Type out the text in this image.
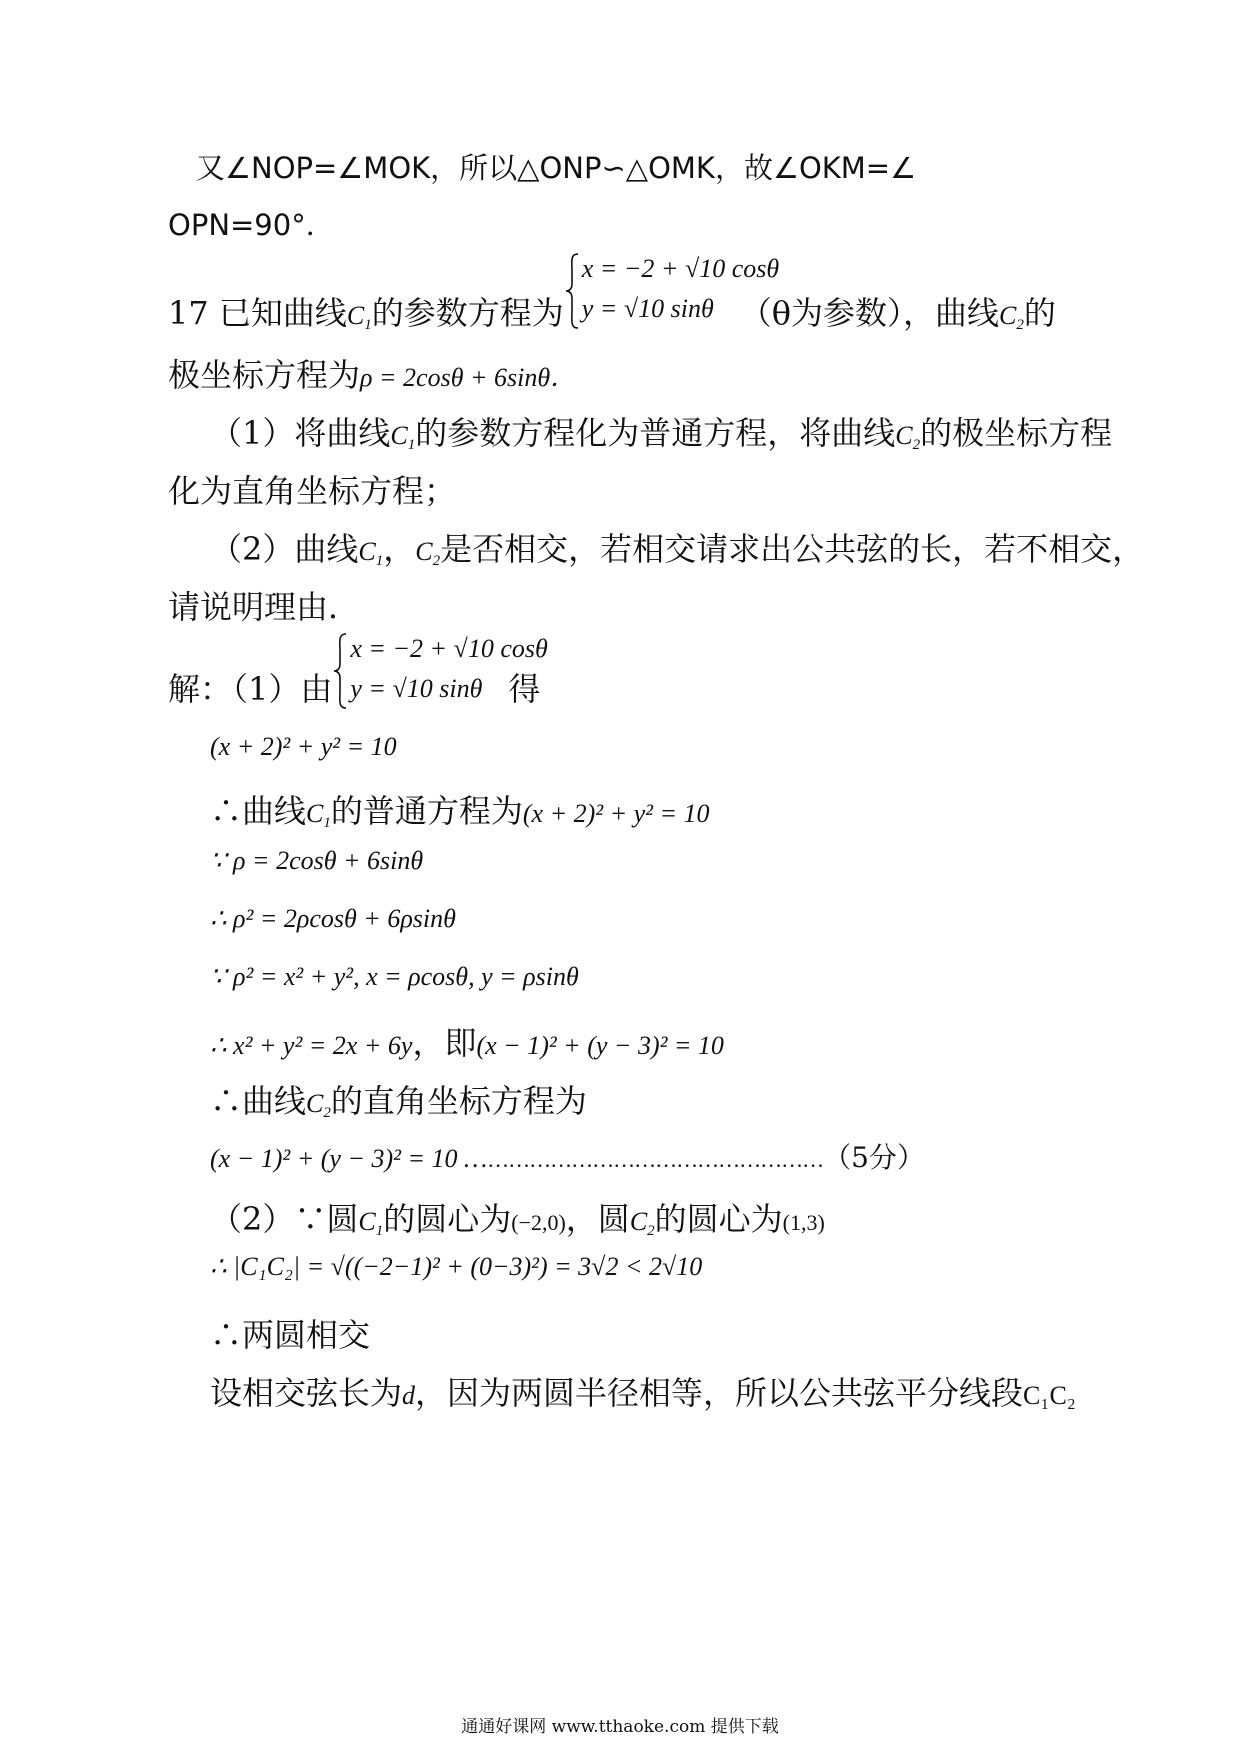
又∠NOP=∠MOK，所以△ONP∽△OMK，故∠OKM=∠
OPN=90°．
17 已知曲线$_{C_1}$的参数方程为
x = −2 + √10 cosθ
y = √10 sinθ （θ为参数），曲线$_{C_2}$的
极坐标方程为ρ = 2cosθ + 6sinθ．
（1）将曲线$C_1$的参数方程化为普通方程，将曲线$C_2$的极坐标方程
化为直角坐标方程；
（2）曲线$C_1$，$C_2$是否相交，若相交请求出公共弦的长，若不相交，
请说明理由．
解：（1）由
x = −2 + √10 cosθ
y = √10 sinθ 得
(x + 2)² + y² = 10
∴曲线$C_1$的普通方程为(x + 2)² + y² = 10
∵ ρ = 2cosθ + 6sinθ
∴ ρ² = 2ρcosθ + 6ρsinθ
∵ ρ² = x² + y², x = ρcosθ, y = ρsinθ
∴ x² + y² = 2x + 6y，即(x − 1)² + (y − 3)² = 10
∴曲线$C_2$的直角坐标方程为
(x − 1)² + (y − 3)² = 10 ……………………………………………（5分）
（2）∵圆$C_1$的圆心为(−2,0)，圆$C_2$的圆心为(1,3)
∴ |C₁C₂| = √((−2−1)² + (0−3)²) = 3√2 < 2√10
∴两圆相交
设相交弦长为d，因为两圆半径相等，所以公共弦平分线段C₁C₂
通通好课网 www.tthaoke.com 提供下载
